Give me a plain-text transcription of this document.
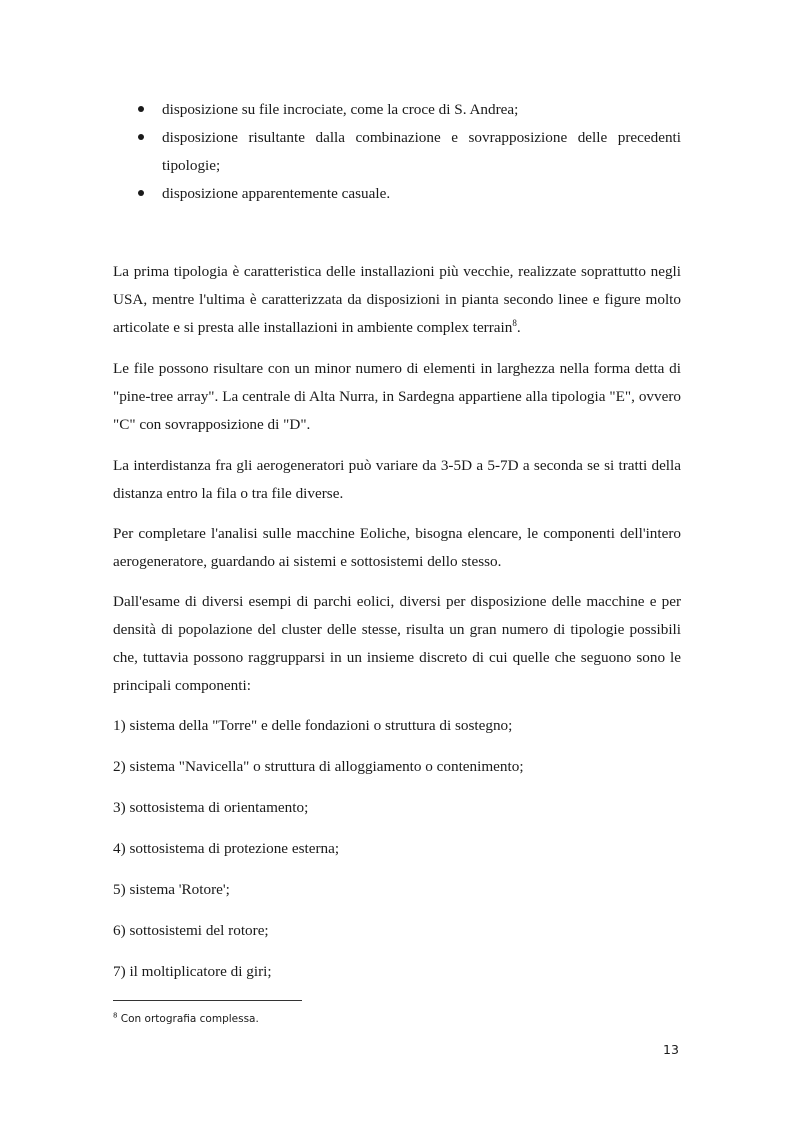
disposizione su file incrociate, come la croce di S. Andrea;
disposizione risultante dalla combinazione e sovrapposizione delle precedenti tipologie;
disposizione apparentemente casuale.

La prima tipologia è caratteristica delle installazioni più vecchie, realizzate soprattutto negli USA, mentre l'ultima è caratterizzata da disposizioni in pianta secondo linee e figure molto articolate e si presta alle installazioni in ambiente complex terrain$^8$.

Le file possono risultare con un minor numero di elementi in larghezza nella forma detta di "pine-tree array". La centrale di Alta Nurra, in Sardegna appartiene alla tipologia "E", ovvero "C" con sovrapposizione di "D".

La interdistanza fra gli aerogeneratori può variare da 3-5D a 5-7D a seconda se si tratti della distanza entro la fila o tra file diverse.

Per completare l'analisi sulle macchine Eoliche, bisogna elencare, le componenti dell'intero aerogeneratore, guardando ai sistemi e sottosistemi dello stesso.

Dall'esame di diversi esempi di parchi eolici, diversi per disposizione delle macchine e per densità di popolazione del cluster delle stesse, risulta un gran numero di tipologie possibili che, tuttavia possono raggrupparsi in un insieme discreto di cui quelle che seguono sono le principali componenti:

1) sistema della "Torre" e delle fondazioni o struttura di sostegno;

2) sistema "Navicella" o struttura di alloggiamento o contenimento;

3) sottosistema di orientamento;

4) sottosistema di protezione esterna;

5) sistema 'Rotore';

6) sottosistemi del rotore;

7) il moltiplicatore di giri;

$^8$ Con ortografia complessa.
13
